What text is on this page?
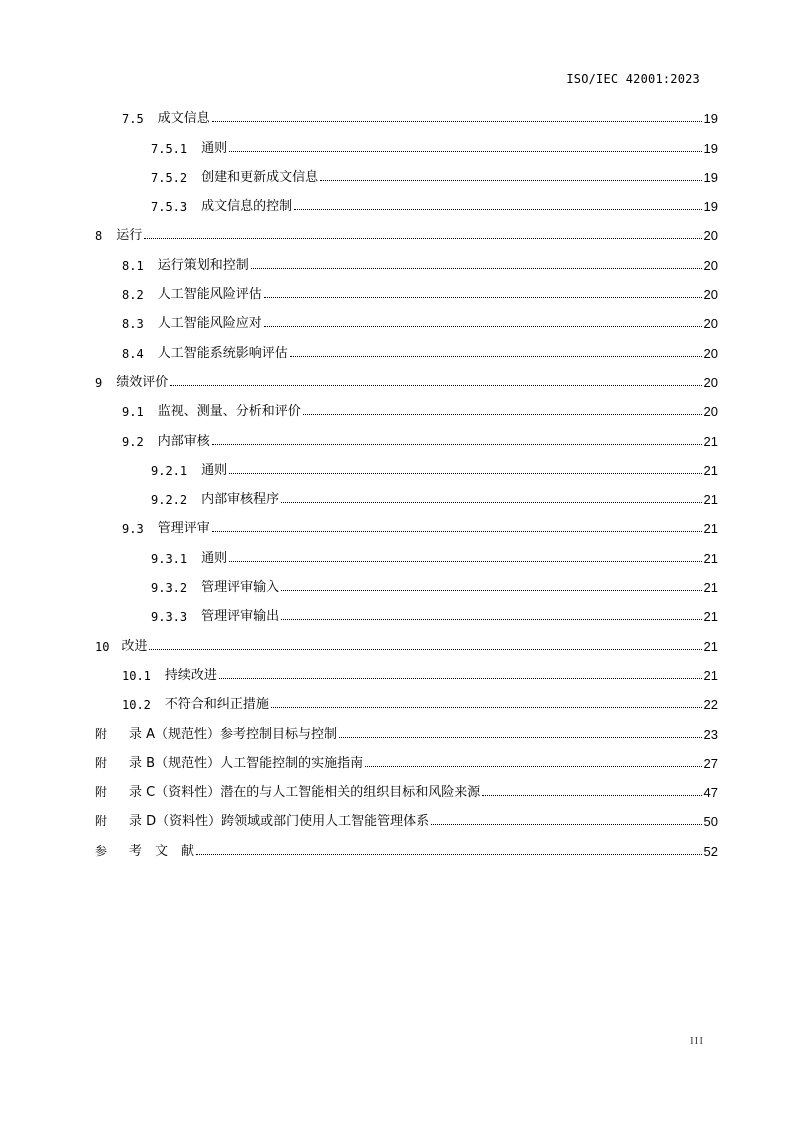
ISO/IEC 42001:2023
7.5 成文信息	19
7.5.1 通则	19
7.5.2 创建和更新成文信息	19
7.5.3 成文信息的控制	19
8 运行	20
8.1 运行策划和控制	20
8.2 人工智能风险评估	20
8.3 人工智能风险应对	20
8.4 人工智能系统影响评估	20
9 绩效评价	20
9.1 监视、测量、分析和评价	20
9.2 内部审核	21
9.2.1 通则	21
9.2.2 内部审核程序	21
9.3 管理评审	21
9.3.1 通则	21
9.3.2 管理评审输入	21
9.3.3 管理评审输出	21
10 改进	21
10.1 持续改进	21
10.2 不符合和纠正措施	22
附 录 A（规范性）参考控制目标与控制	23
附 录 B（规范性）人工智能控制的实施指南	27
附 录 C（资料性）潜在的与人工智能相关的组织目标和风险来源	47
附 录 D（资料性）跨领域或部门使用人工智能管理体系	50
参 考　文　献	52
III
